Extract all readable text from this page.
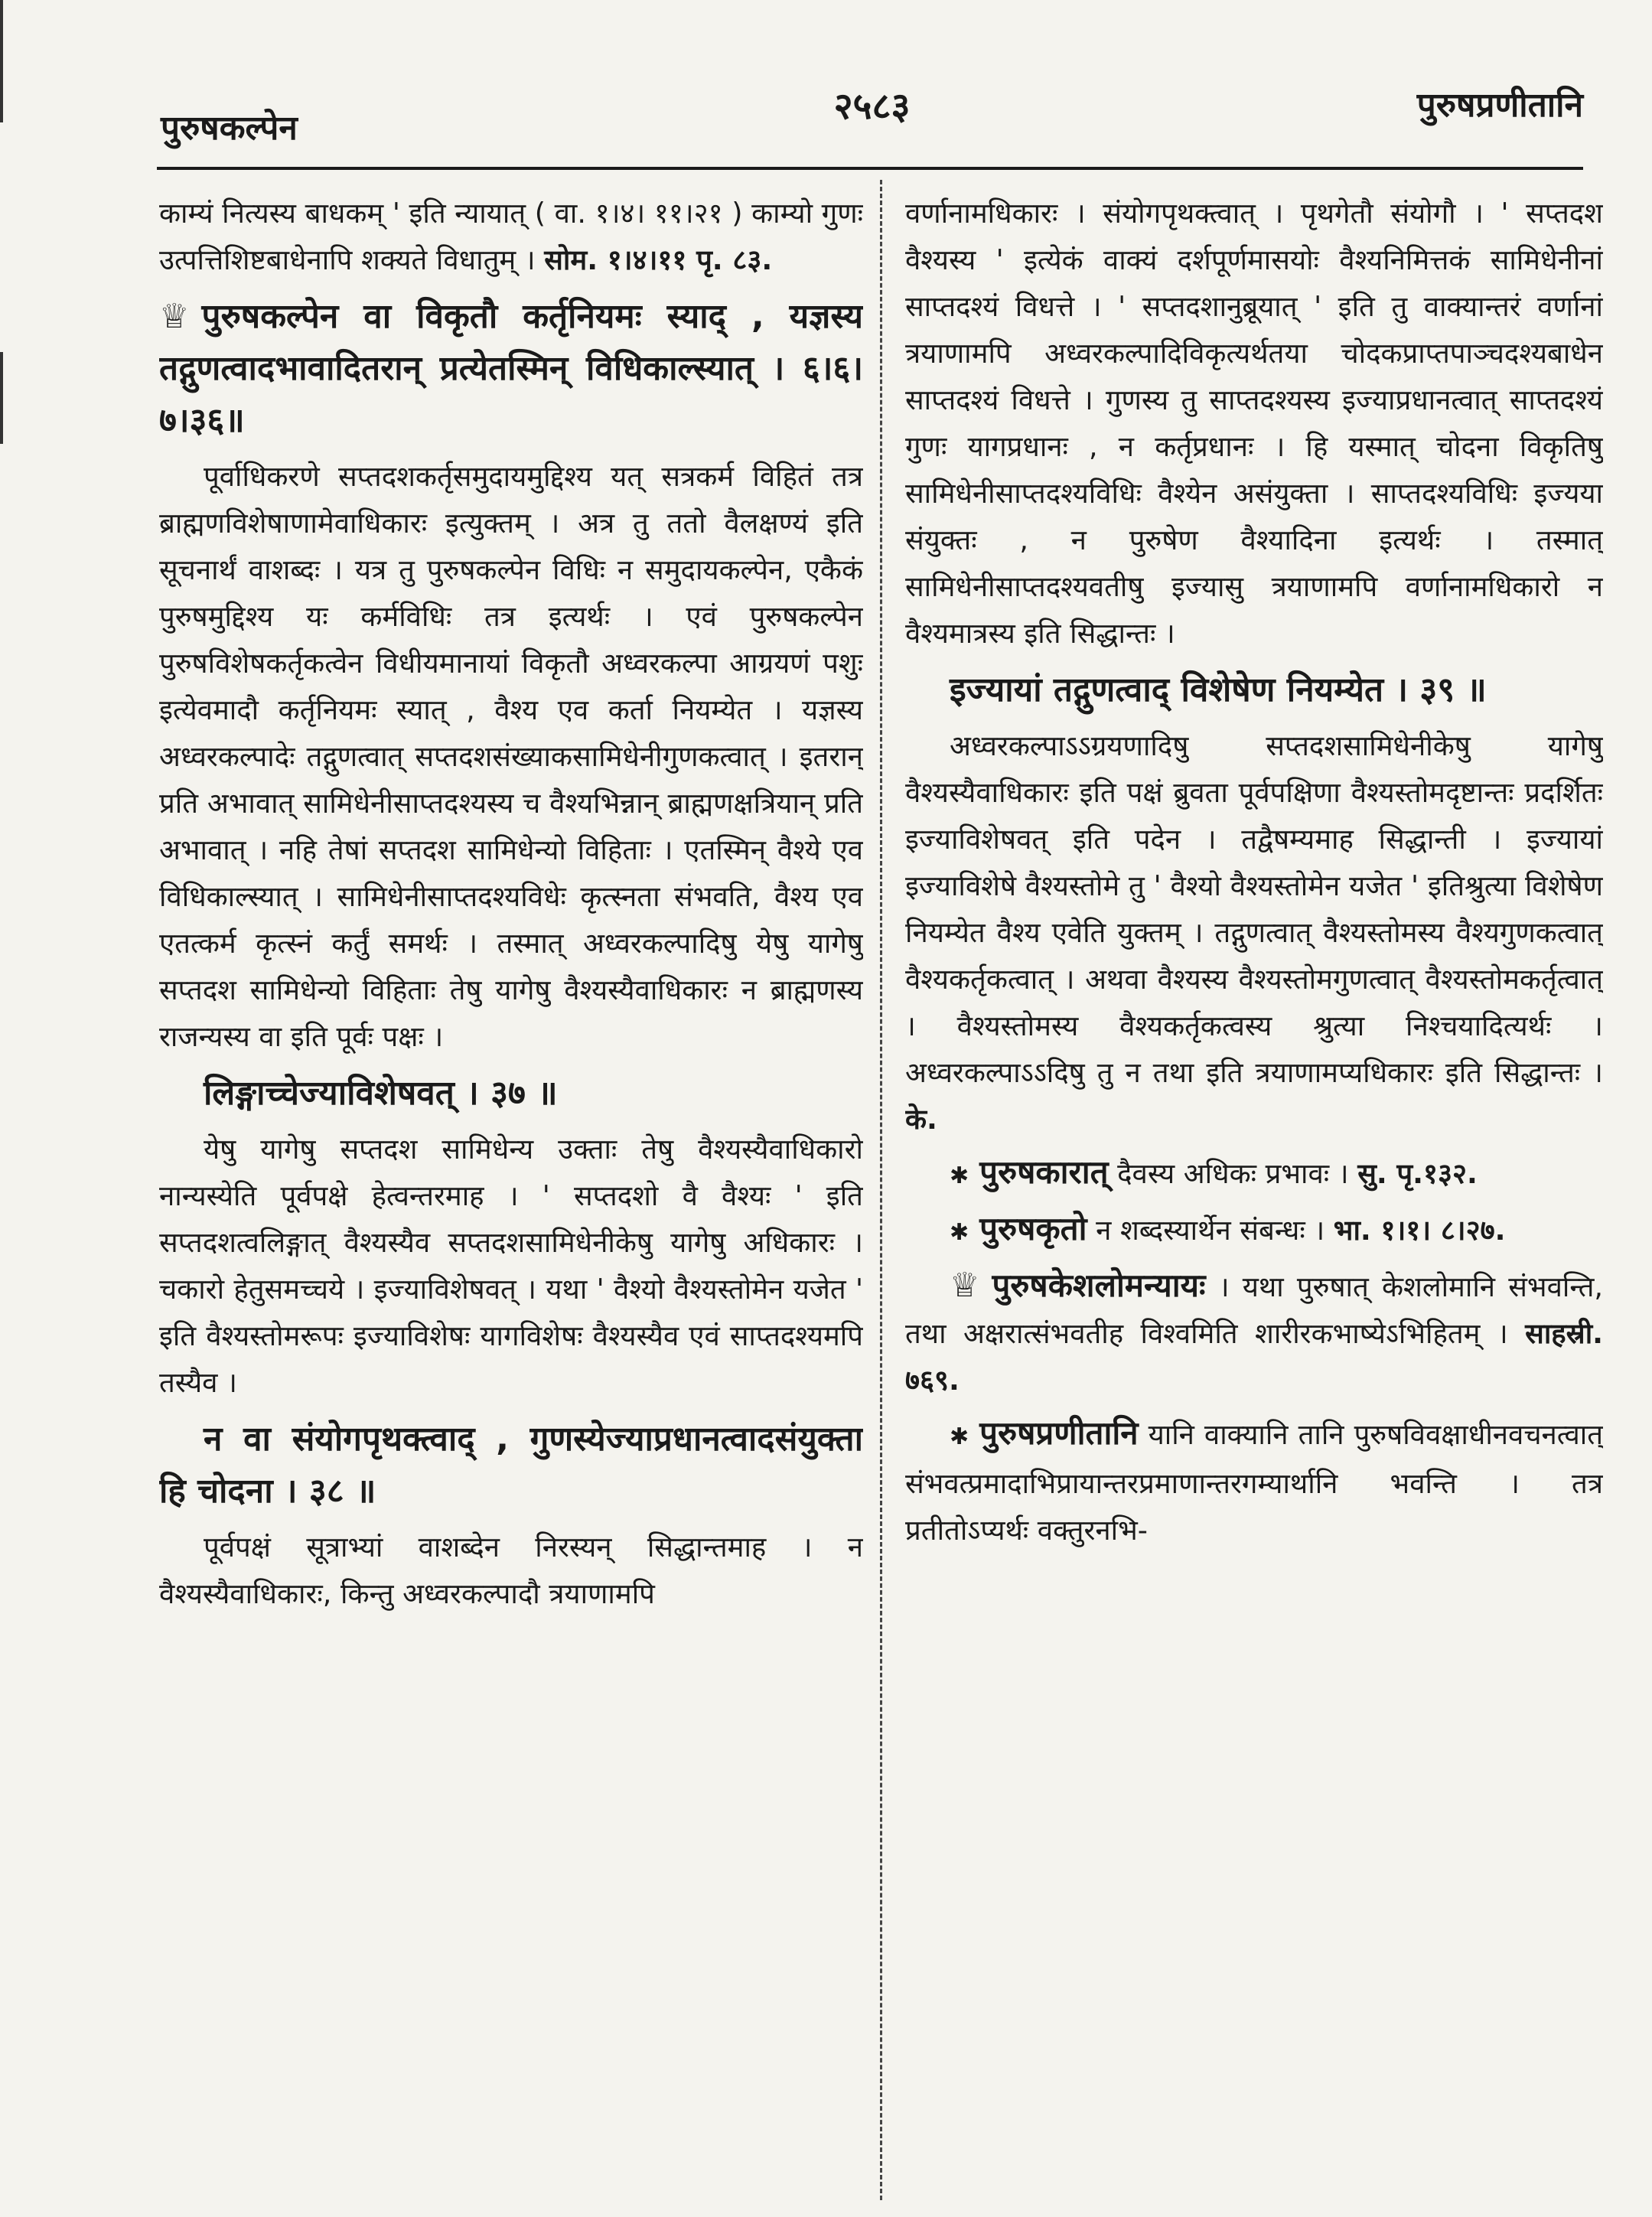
पुरुषकल्पेन
२५८३	पुरुषप्रणीतानि

काम्यं नित्यस्य बाधकम् ' इति न्यायात् ( वा. १।४। ११।२१ ) काम्यो गुणः उत्पत्तिशिष्टबाधेनापि शक्यते विधातुम् । सोम. १।४।११ पृ. ८३.

♕ पुरुषकल्पेन वा विकृतौ कर्तृनियमः स्याद् , यज्ञस्य तद्गुणत्वादभावादितरान् प्रत्येतस्मिन् विधिकाल्स्यात् । ६।६।७।३६॥

पूर्वाधिकरणे सप्तदशकर्तृसमुदायमुद्दिश्य यत् सत्रकर्म विहितं तत्र ब्राह्मणविशेषाणामेवाधिकारः इत्युक्तम् । अत्र तु ततो वैलक्षण्यं इति सूचनार्थं वाशब्दः । यत्र तु पुरुषकल्पेन विधिः न समुदायकल्पेन, एकैकं पुरुषमुद्दिश्य यः कर्मविधिः तत्र इत्यर्थः । एवं पुरुषकल्पेन पुरुषविशेषकर्तृकत्वेन विधीयमानायां विकृतौ अध्वरकल्पा आग्रयणं पशुः इत्येवमादौ कर्तृनियमः स्यात् , वैश्य एव कर्ता नियम्येत । यज्ञस्य अध्वरकल्पादेः तद्गुणत्वात् सप्तदशसंख्याकसामिधेनीगुणकत्वात् । इतरान् प्रति अभावात् सामिधेनीसाप्तदश्यस्य च वैश्यभिन्नान् ब्राह्मणक्षत्रियान् प्रति अभावात् । नहि तेषां सप्तदश सामिधेन्यो विहिताः । एतस्मिन् वैश्ये एव विधिकाल्स्यात् । सामिधेनीसाप्तदश्यविधेः कृत्स्नता संभवति, वैश्य एव एतत्कर्म कृत्स्नं कर्तुं समर्थः । तस्मात् अध्वरकल्पादिषु येषु यागेषु सप्तदश सामिधेन्यो विहिताः तेषु यागेषु वैश्यस्यैवाधिकारः न ब्राह्मणस्य राजन्यस्य वा इति पूर्वः पक्षः ।

लिङ्गाच्चेज्याविशेषवत् । ३७ ॥

येषु यागेषु सप्तदश सामिधेन्य उक्ताः तेषु वैश्यस्यैवाधिकारो नान्यस्येति पूर्वपक्षे हेत्वन्तरमाह । ' सप्तदशो वै वैश्यः ' इति सप्तदशत्वलिङ्गात् वैश्यस्यैव सप्तदशसामिधेनीकेषु यागेषु अधिकारः । चकारो हेतुसमच्चये । इज्याविशेषवत् । यथा ' वैश्यो वैश्यस्तोमेन यजेत ' इति वैश्यस्तोमरूपः इज्याविशेषः यागविशेषः वैश्यस्यैव एवं साप्तदश्यमपि तस्यैव ।

न वा संयोगपृथक्त्वाद् , गुणस्येज्याप्रधानत्वादसंयुक्ता हि चोदना । ३८ ॥

पूर्वपक्षं सूत्राभ्यां वाशब्देन निरस्यन् सिद्धान्तमाह । न वैश्यस्यैवाधिकारः, किन्तु अध्वरकल्पादौ त्रयाणामपि

वर्णानामधिकारः । संयोगपृथक्त्वात् । पृथगेतौ संयोगौ । ' सप्तदश वैश्यस्य ' इत्येकं वाक्यं दर्शपूर्णमासयोः वैश्यनिमित्तकं सामिधेनीनां साप्तदश्यं विधत्ते । ' सप्तदशानुब्रूयात् ' इति तु वाक्यान्तरं वर्णानां त्रयाणामपि अध्वरकल्पादिविकृत्यर्थतया चोदकप्राप्तपाञ्चदश्यबाधेन साप्तदश्यं विधत्ते । गुणस्य तु साप्तदश्यस्य इज्याप्रधानत्वात् साप्तदश्यं गुणः यागप्रधानः , न कर्तृप्रधानः । हि यस्मात् चोदना विकृतिषु सामिधेनीसाप्तदश्यविधिः वैश्येन असंयुक्ता । साप्तदश्यविधिः इज्यया संयुक्तः , न पुरुषेण वैश्यादिना इत्यर्थः । तस्मात् सामिधेनीसाप्तदश्यवतीषु इज्यासु त्रयाणामपि वर्णानामधिकारो न वैश्यमात्रस्य इति सिद्धान्तः ।

इज्यायां तद्गुणत्वाद् विशेषेण नियम्येत । ३९ ॥

अध्वरकल्पाऽऽग्रयणादिषु सप्तदशसामिधेनीकेषु यागेषु वैश्यस्यैवाधिकारः इति पक्षं ब्रुवता पूर्वपक्षिणा वैश्यस्तोमदृष्टान्तः प्रदर्शितः इज्याविशेषवत् इति पदेन । तद्वैषम्यमाह सिद्धान्ती । इज्यायां इज्याविशेषे वैश्यस्तोमे तु ' वैश्यो वैश्यस्तोमेन यजेत ' इतिश्रुत्या विशेषेण नियम्येत वैश्य एवेति युक्तम् । तद्गुणत्वात् वैश्यस्तोमस्य वैश्यगुणकत्वात् वैश्यकर्तृकत्वात् । अथवा वैश्यस्य वैश्यस्तोमगुणत्वात् वैश्यस्तोमकर्तृत्वात् । वैश्यस्तोमस्य वैश्यकर्तृकत्वस्य श्रुत्या निश्चयादित्यर्थः । अध्वरकल्पाऽऽदिषु तु न तथा इति त्रयाणामप्यधिकारः इति सिद्धान्तः । के.

✱ पुरुषकारात् दैवस्य अधिकः प्रभावः । सु. पृ.१३२.

✱ पुरुषकृतो न शब्दस्यार्थेन संबन्धः । भा. १।१। ८।२७.

♕ पुरुषकेशलोमन्यायः । यथा पुरुषात् केशलोमानि संभवन्ति, तथा अक्षरात्संभवतीह विश्वमिति शारीरकभाष्येऽभिहितम् । साहस्री. ७६९.

✱ पुरुषप्रणीतानि यानि वाक्यानि तानि पुरुषविवक्षाधीनवचनत्वात् संभवत्प्रमादाभिप्रायान्तरप्रमाणान्तरगम्यार्थानि भवन्ति । तत्र प्रतीतोऽप्यर्थः वक्तुरनभि-
